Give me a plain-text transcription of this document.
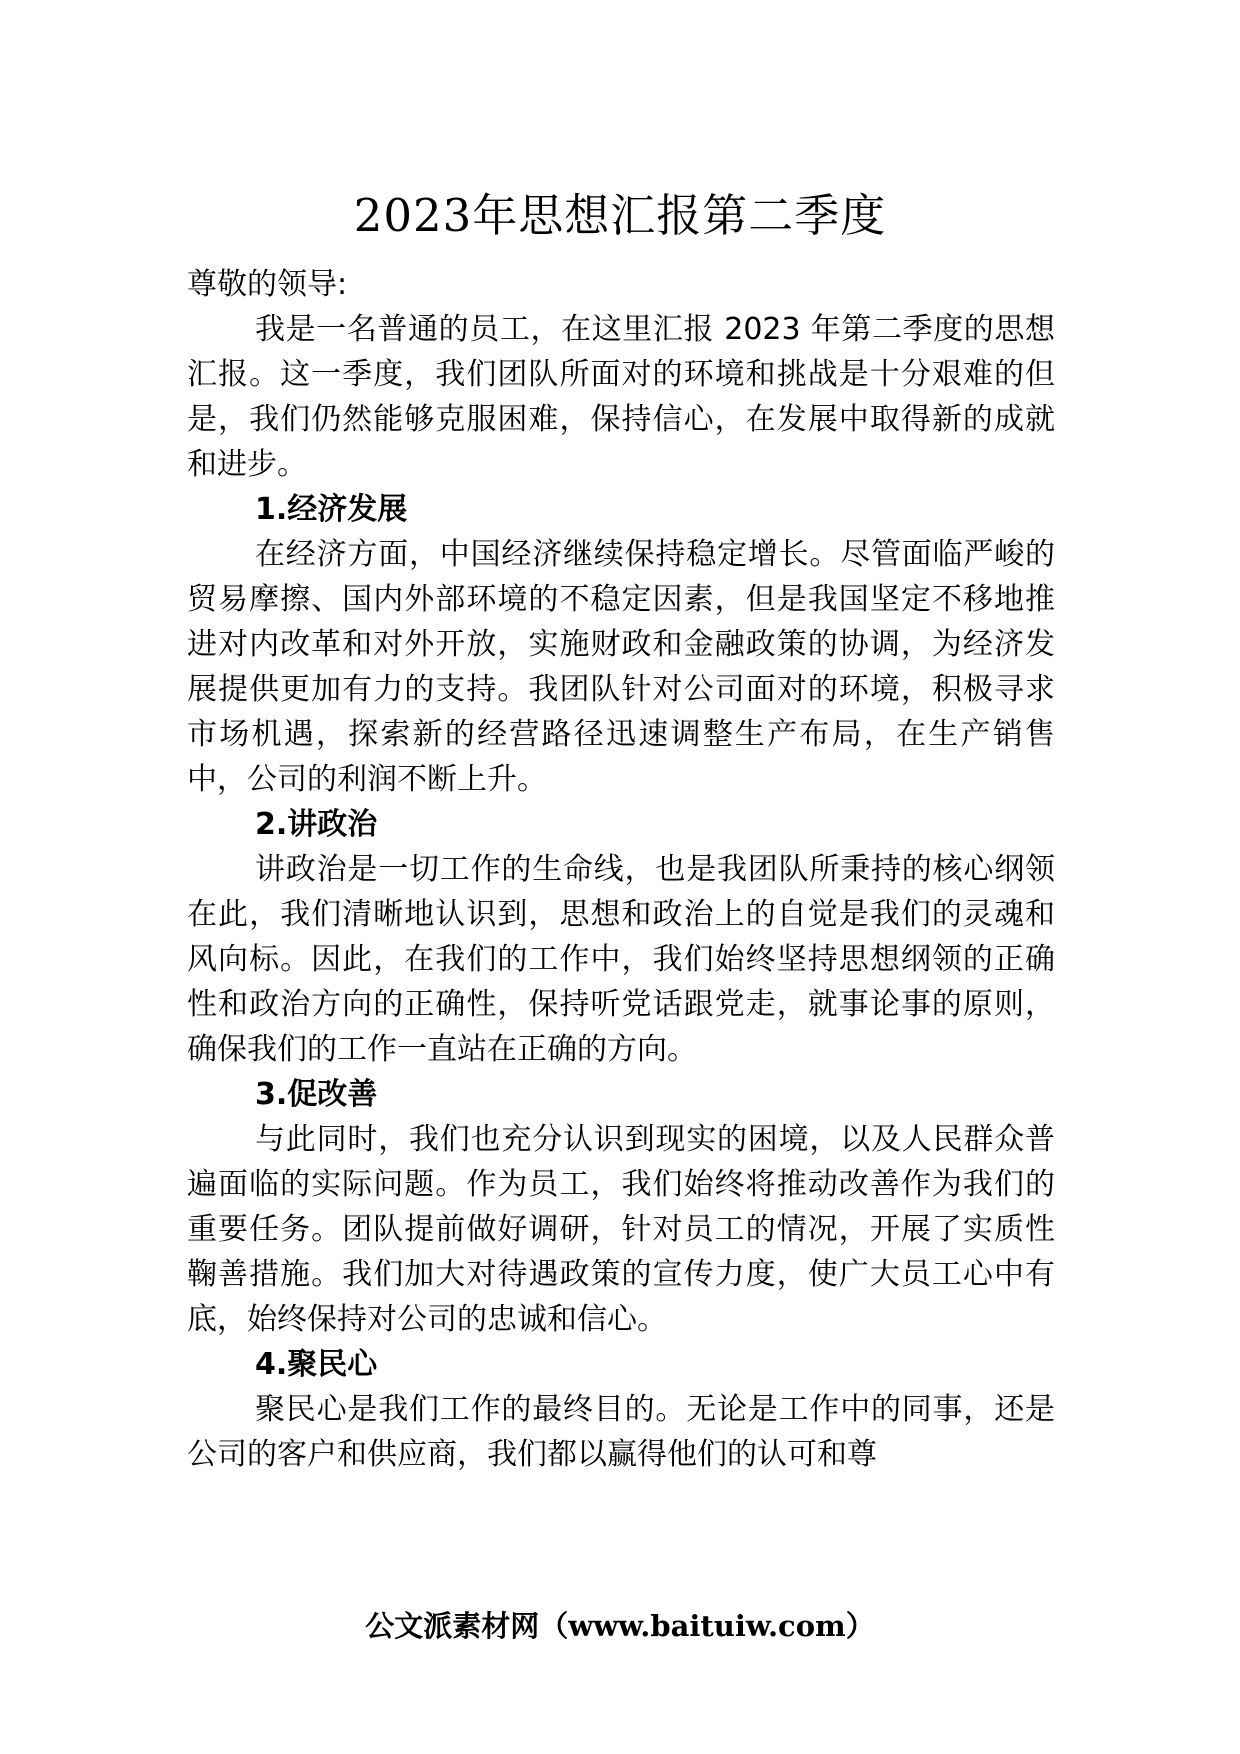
2023年思想汇报第二季度

尊敬的领导:

我是一名普通的员工，在这里汇报 2023 年第二季度的思想汇报。这一季度，我们团队所面对的环境和挑战是十分艰难的但是，我们仍然能够克服困难，保持信心，在发展中取得新的成就和进步。

1.经济发展

在经济方面，中国经济继续保持稳定增长。尽管面临严峻的贸易摩擦、国内外部环境的不稳定因素，但是我国坚定不移地推进对内改革和对外开放，实施财政和金融政策的协调，为经济发展提供更加有力的支持。我团队针对公司面对的环境，积极寻求市场机遇，探索新的经营路径迅速调整生产布局，在生产销售中，公司的利润不断上升。

2.讲政治

讲政治是一切工作的生命线，也是我团队所秉持的核心纲领在此，我们清晰地认识到，思想和政治上的自觉是我们的灵魂和风向标。因此，在我们的工作中，我们始终坚持思想纲领的正确性和政治方向的正确性，保持听党话跟党走，就事论事的原则，确保我们的工作一直站在正确的方向。

3.促改善

与此同时，我们也充分认识到现实的困境，以及人民群众普遍面临的实际问题。作为员工，我们始终将推动改善作为我们的重要任务。团队提前做好调研，针对员工的情况，开展了实质性鞠善措施。我们加大对待遇政策的宣传力度，使广大员工心中有底，始终保持对公司的忠诚和信心。

4.聚民心

聚民心是我们工作的最终目的。无论是工作中的同事，还是公司的客户和供应商，我们都以赢得他们的认可和尊

公文派素材网（www.baituiw.com）
